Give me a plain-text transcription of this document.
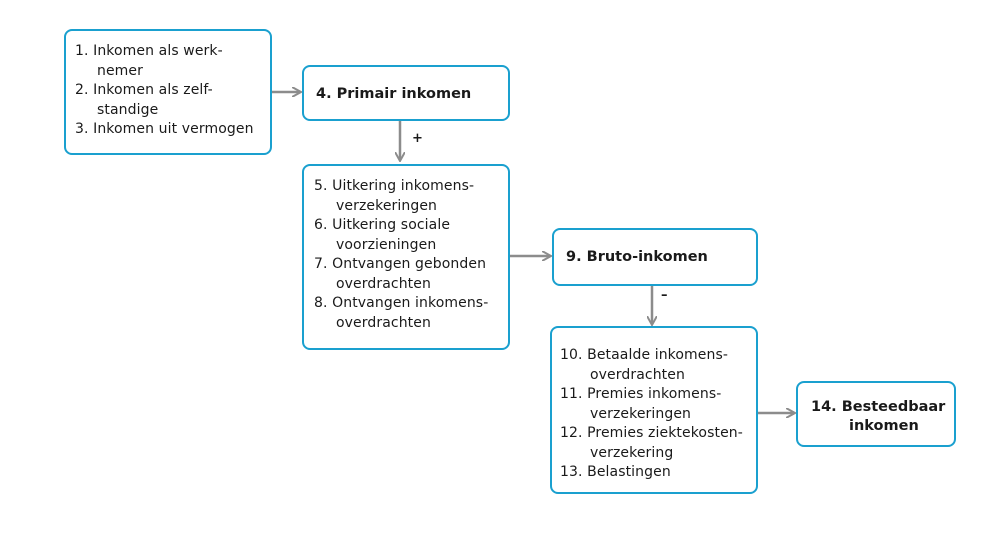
1. Inkomen als werk-
nemer
2. Inkomen als zelf-
standige
3. Inkomen uit vermogen
4. Primair inkomen
+
5. Uitkering inkomens-
verzekeringen
6. Uitkering sociale
voorzieningen
7. Ontvangen gebonden
overdrachten
8. Ontvangen inkomens-
overdrachten
9. Bruto-inkomen
–
10. Betaalde inkomens-
overdrachten
11. Premies inkomens-
verzekeringen
12. Premies ziektekosten-
verzekering
13. Belastingen
14. Besteedbaar
inkomen
